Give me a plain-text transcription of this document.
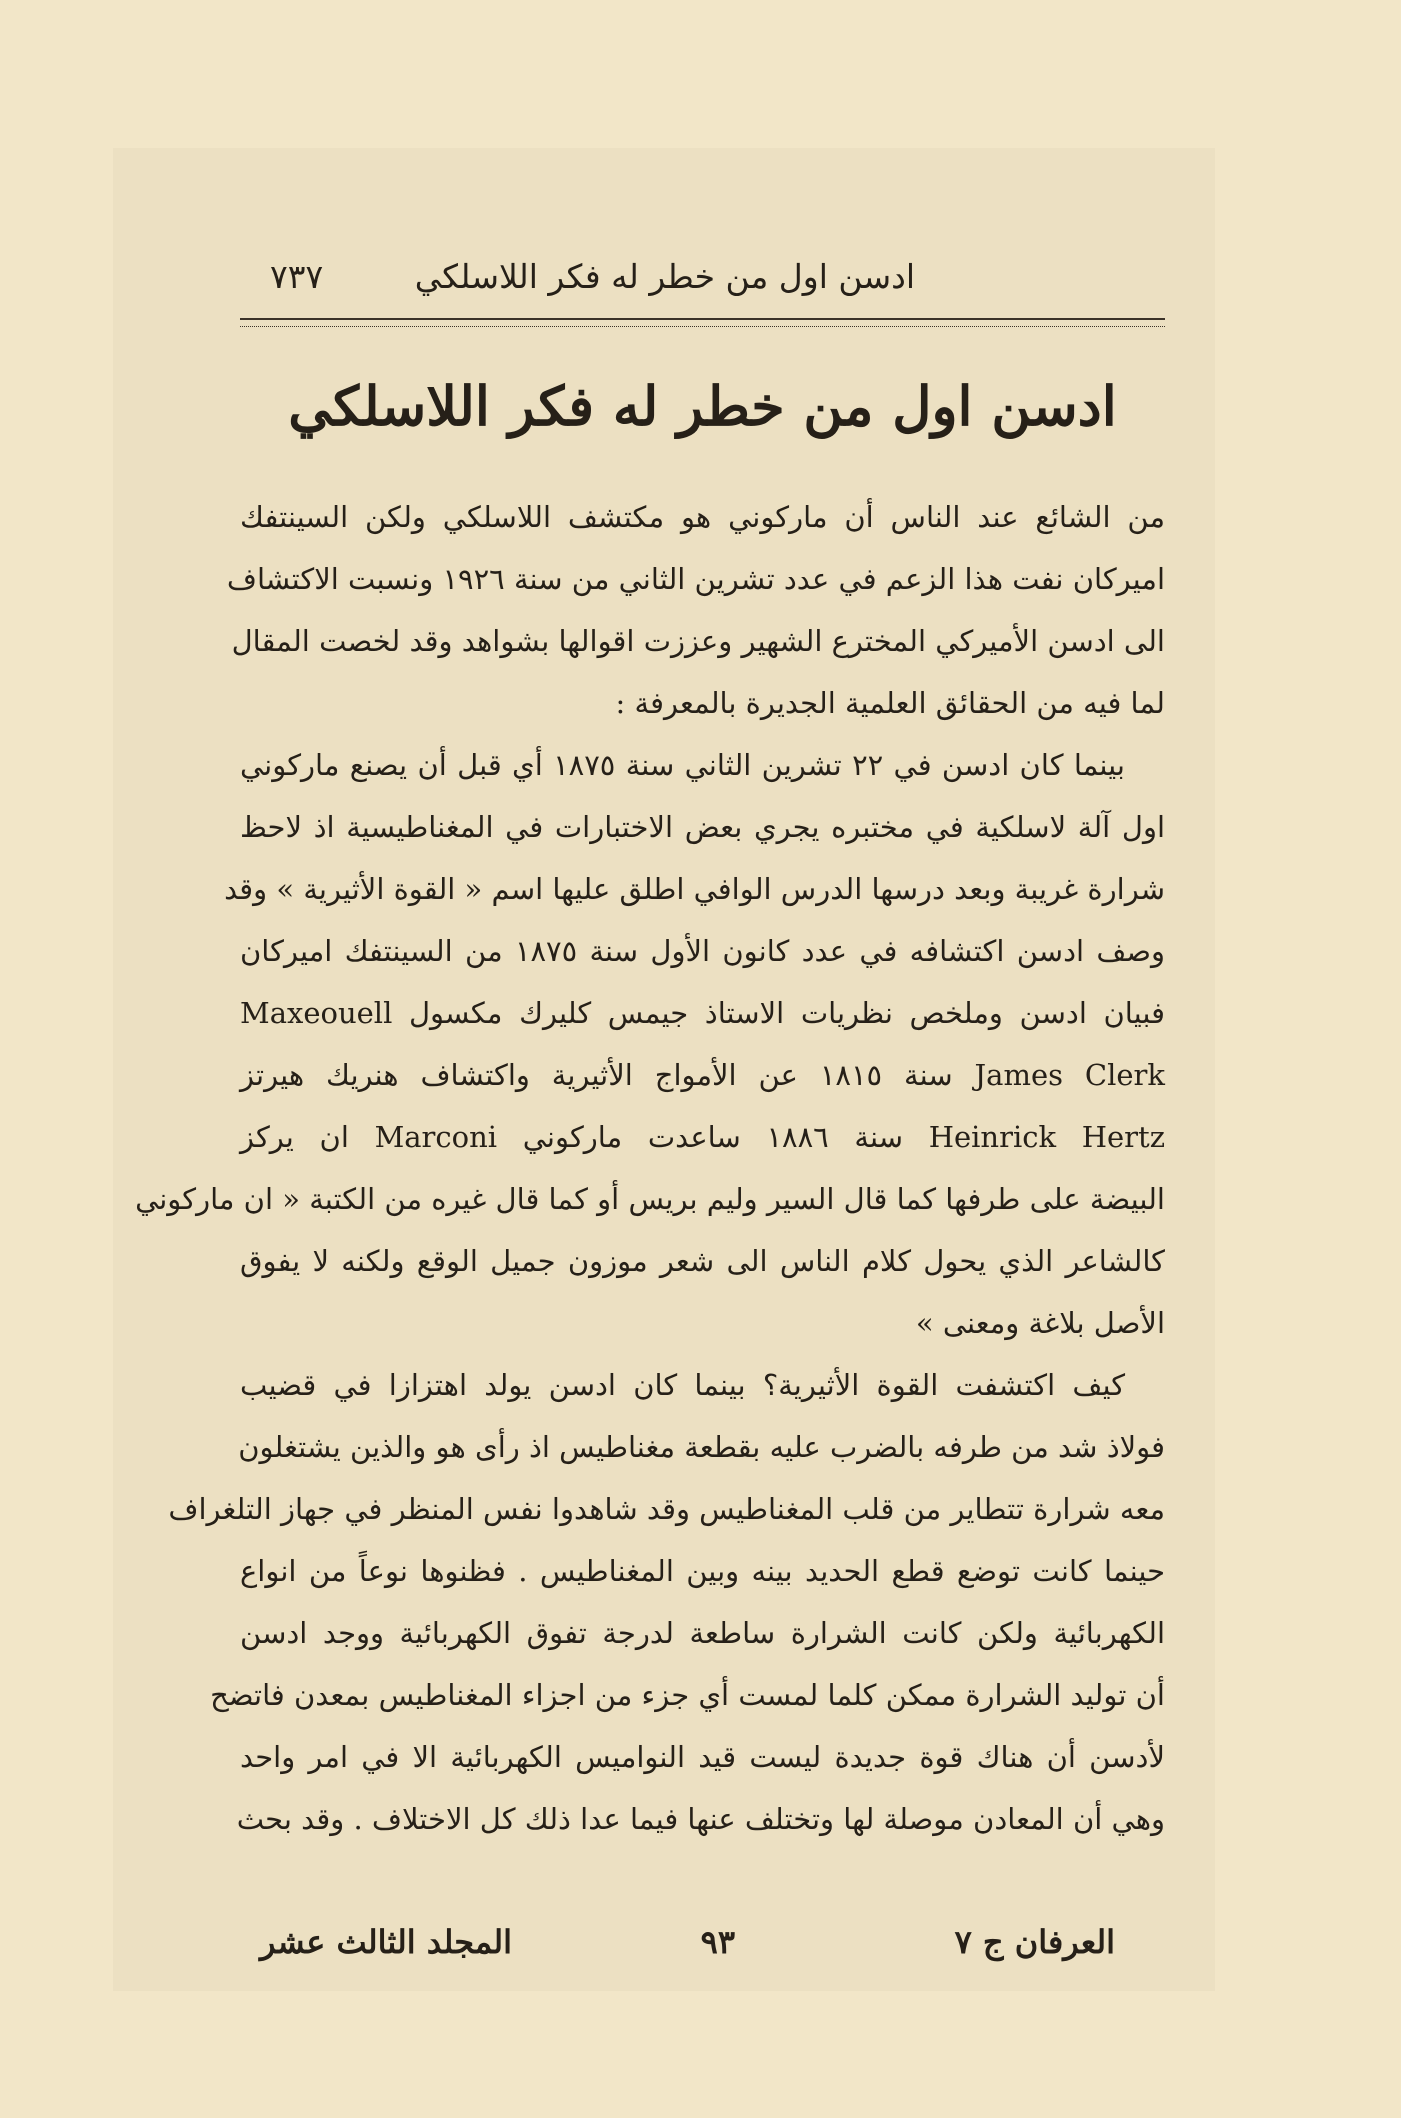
ادسن اول من خطر له فكر اللاسلكي
٧٣٧
ادسن اول من خطر له فكر اللاسلكي
من الشائع عند الناس أن ماركوني هو مكتشف اللاسلكي ولكن السينتفك
اميركان نفت هذا الزعم في عدد تشرين الثاني من سنة ١٩٢٦ ونسبت الاكتشاف
الى ادسن الأميركي المخترع الشهير وعززت اقوالها بشواهد وقد لخصت المقال
لما فيه من الحقائق العلمية الجديرة بالمعرفة :
بينما كان ادسن في ٢٢ تشرين الثاني سنة ١٨٧٥ أي قبل أن يصنع ماركوني
اول آلة لاسلكية في مختبره يجري بعض الاختبارات في المغناطيسية اذ لاحظ
شرارة غريبة وبعد درسها الدرس الوافي اطلق عليها اسم « القوة الأثيرية » وقد
وصف ادسن اكتشافه في عدد كانون الأول سنة ١٨٧٥ من السينتفك اميركان
فبيان ادسن وملخص نظريات الاستاذ جيمس كليرك مكسول Maxeouell
James Clerk سنة ١٨١٥ عن الأمواج الأثيرية واكتشاف هنريك هيرتز
Heinrick Hertz سنة ١٨٨٦ ساعدت ماركوني Marconi ان يركز
البيضة على طرفها كما قال السير وليم بريس أو كما قال غيره من الكتبة « ان ماركوني
كالشاعر الذي يحول كلام الناس الى شعر موزون جميل الوقع ولكنه لا يفوق
الأصل بلاغة ومعنى »
كيف اكتشفت القوة الأثيرية؟ بينما كان ادسن يولد اهتزازا في قضيب
فولاذ شد من طرفه بالضرب عليه بقطعة مغناطيس اذ رأى هو والذين يشتغلون
معه شرارة تتطاير من قلب المغناطيس وقد شاهدوا نفس المنظر في جهاز التلغراف
حينما كانت توضع قطع الحديد بينه وبين المغناطيس . فظنوها نوعاً من انواع
الكهربائية ولكن كانت الشرارة ساطعة لدرجة تفوق الكهربائية ووجد ادسن
أن توليد الشرارة ممكن كلما لمست أي جزء من اجزاء المغناطيس بمعدن فاتضح
لأدسن أن هناك قوة جديدة ليست قيد النواميس الكهربائية الا في امر واحد
وهي أن المعادن موصلة لها وتختلف عنها فيما عدا ذلك كل الاختلاف . وقد بحث
العرفان ج ٧
٩٣
المجلد الثالث عشر
